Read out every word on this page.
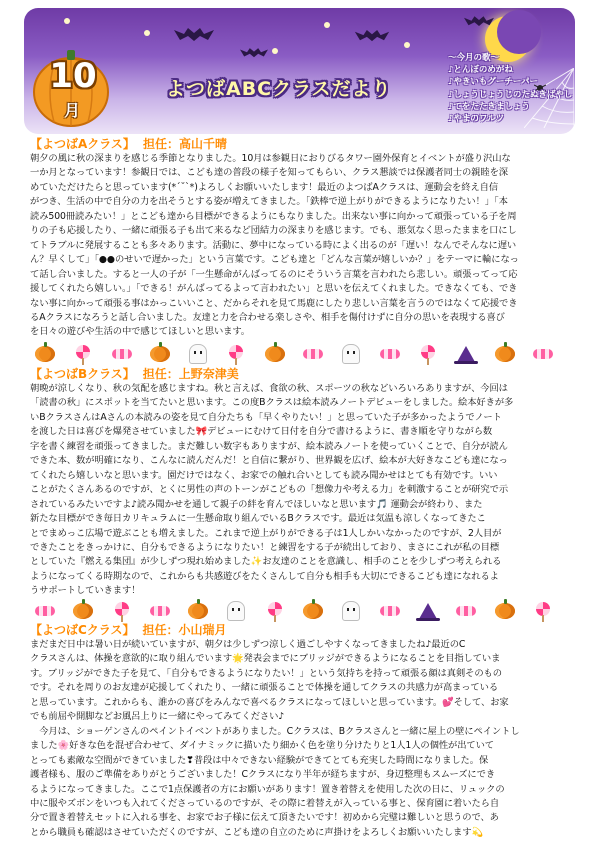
10
月
よつばABCクラスだより
～今月の歌～
♪とんぼのめがね
♪やきいもグーチーパー
♪しょうじょうじのたぬきばやし
♪てをたたきましょう
♪やまのワルツ
【よつばAクラス】 担任：高山千晴
朝夕の風に秋の深まりを感じる季節となりました。10月は参観日におりびるタワー園外保育とイベントが盛り沢山な
一か月となっています！参観日では、こども達の普段の様子を知ってもらい、クラス懇談では保護者同士の親睦を深
めていただけたらと思っています(*ˊ˘ˋ*)よろしくお願いいたします！最近のよつばAクラスは、運動会を終え自信
がつき、生活の中で自分の力を出そうとする姿が増えてきました。「鉄棒で逆上がりができるようになりたい！」「本
読み500冊読みたい！」とこども達から目標ができるようにもなりました。出来ない事に向かって頑張っている子を周
りの子も応援したり、一緒に頑張る子も出て来るなど団結力の深まりを感じます。でも、悪気なく思ったままを口にし
てトラブルに発展することも多々あります。活動に、夢中になっている時によく出るのが「遅い！なんでそんなに遅い
ん？早くして」「●●のせいで遅かった」という言葉です。こども達と「どんな言葉が嬉しいか？」をテーマに輪になっ
て話し合いました。すると一人の子が「一生懸命がんばってるのにそういう言葉を言われたら悲しい。頑張ってって応
援してくれたら嬉しい。」「できる！がんばってるよって言われたい」と思いを伝えてくれました。できなくても、でき
ない事に向かって頑張る事はかっこいいこと、だからそれを見て馬鹿にしたり悲しい言葉を言うのではなくて応援でき
るAクラスになろうと話し合いました。友達と力を合わせる楽しさや、相手を傷付けずに自分の思いを表現する喜び
を日々の遊びや生活の中で感じてほしいと思います。
【よつばBクラス】 担任：上野奈津美
朝晩が涼しくなり、秋の気配を感じますね。秋と言えば、食欲の秋、スポーツの秋などいろいろありますが、今回は
「読書の秋」にスポットを当てたいと思います。この度Bクラスは絵本読みノートデビューをしました。絵本好きが多
いBクラスさんはAさんの本読みの姿を見て自分たちも「早くやりたい！」と思っていた子が多かったようでノート
を渡した日は喜びを爆発させていました🎀デビューにむけて日付を自分で書けるように、書き順を守りながら数
字を書く練習を頑張ってきました。まだ難しい数字もありますが、絵本読みノートを使っていくことで、自分が読ん
できた本、数が明確になり、こんなに読んだんだ！と自信に繋がり、世界観を広げ、絵本が大好きなこども達になっ
てくれたら嬉しいなと思います。園だけではなく、お家での触れ合いとしても読み聞かせはとても有効です。いい
ことがたくさんあるのですが、とくに男性の声のトーンがこどもの「想像力や考える力」を刺激することが研究で示
されているみたいですよ♪読み聞かせを通して親子の絆を育んでほしいなと思います🎵 運動会が終わり、また
新たな目標ができ毎日カリキュラムに一生懸命取り組んでいるBクラスです。最近は気温も涼しくなってきたこ
とでまめっこ広場で遊ぶことも増えました。これまで逆上がりができる子は1人しかいなかったのですが、2人目が
できたことをきっかけに、自分もできるようになりたい！と練習をする子が続出しており、まさにこれが私の目標
としていた『燃える集団』が少しずつ現れ始めました✨お友達のことを意識し、相手のことを少しずつ考えられる
ようになってくる時期なので、これからも共感遊びをたくさんして自分も相手も大切にできるこども達になれるよ
うサポートしていきます！
【よつばCクラス】 担任：小山瑞月
まだまだ日中は暑い日が続いていますが、朝夕は少しずつ涼しく過ごしやすくなってきましたね♪最近のC
クラスさんは、体操を意欲的に取り組んでいます🌟発表会までにブリッジができるようになることを目指していま
す。ブリッジができた子を見て、「自分もできるようになりたい！」という気持ちを持って頑張る顔は真剣そのもの
です。それを周りのお友達が応援してくれたり、一緒に頑張ることで体操を通してクラスの共感力が高まっている
と思っています。これからも、誰かの喜びをみんなで喜べるクラスになってほしいと思っています。💕そして、お家
でも前屈や開脚などお風呂上りに一緒にやってみてください♪
　今月は、ショーゲンさんのペイントイベントがありました。Cクラスは、Bクラスさんと一緒に屋上の壁にペイントし
ました🌸好きな色を混ぜ合わせて、ダイナミックに描いたり細かく色を塗り分けたりと1人1人の個性が出ていて
とっても素敵な空間ができていました❣普段は中々できない経験ができてとても充実した時間になりました。保
護者様も、服のご準備をありがとうございました！Cクラスになり半年が経ちますが、身辺整理もスムーズにでき
るようになってきました。ここで1点保護者の方にお願いがあります！置き着替えを使用した次の日に、リュックの
中に服やズボンをいつも入れてくださっているのですが、その際に着替えが入っている事と、保育園に着いたら自
分で置き着替えセットに入れる事を、お家でお子様に伝えて頂きたいです！初めから完璧は難しいと思うので、あ
とから職員も確認はさせていただくのですが、こども達の自立のために声掛けをよろしくお願いいたします💫
